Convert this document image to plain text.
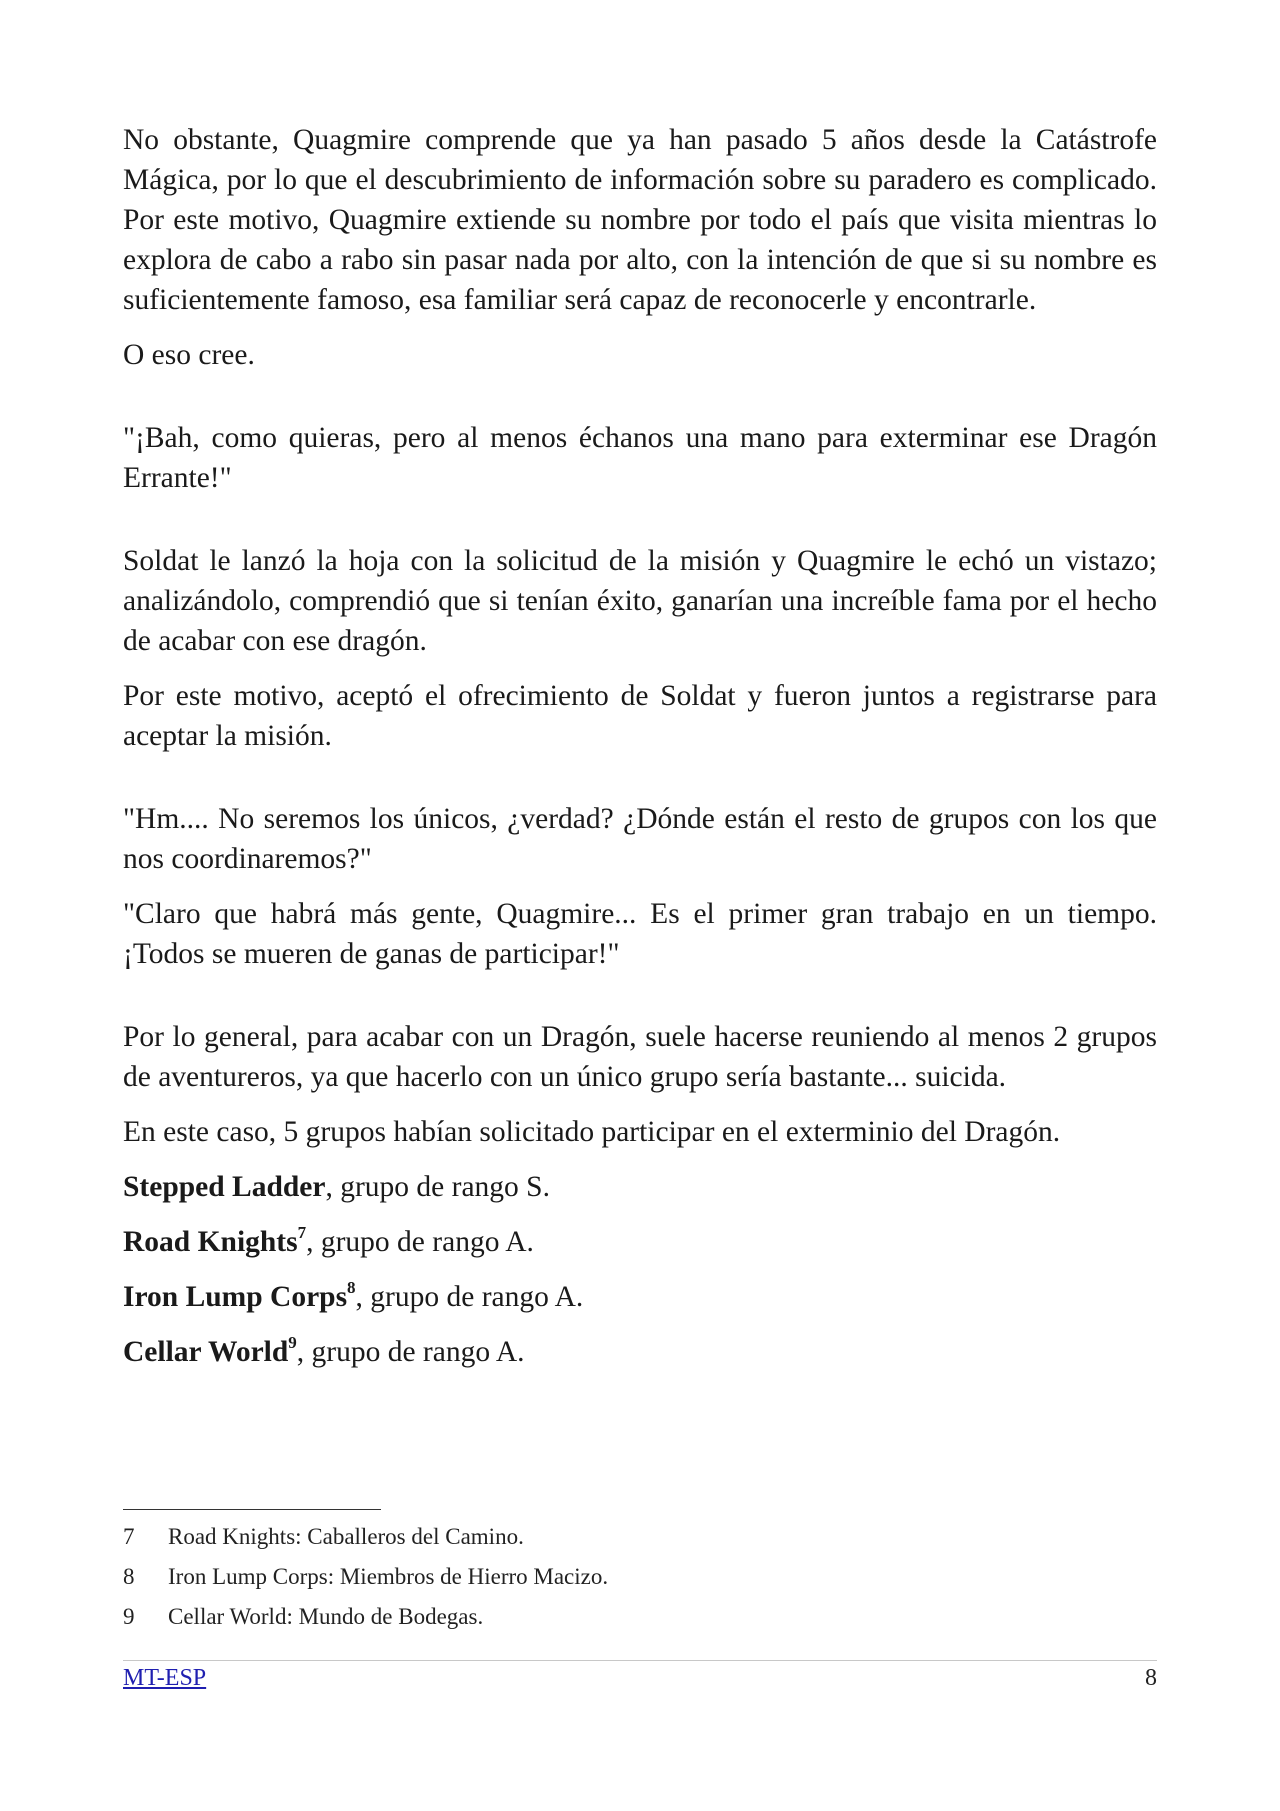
No obstante, Quagmire comprende que ya han pasado 5 años desde la Catástrofe Mágica, por lo que el descubrimiento de información sobre su paradero es complicado. Por este motivo, Quagmire extiende su nombre por todo el país que visita mientras lo explora de cabo a rabo sin pasar nada por alto, con la intención de que si su nombre es suficientemente famoso, esa familiar será capaz de reconocerle y encontrarle.

O eso cree.

"¡Bah, como quieras, pero al menos échanos una mano para exterminar ese Dragón Errante!"

Soldat le lanzó la hoja con la solicitud de la misión y Quagmire le echó un vistazo; analizándolo, comprendió que si tenían éxito, ganarían una increíble fama por el hecho de acabar con ese dragón.

Por este motivo, aceptó el ofrecimiento de Soldat y fueron juntos a registrarse para aceptar la misión.

"Hm.... No seremos los únicos, ¿verdad? ¿Dónde están el resto de grupos con los que nos coordinaremos?"

"Claro que habrá más gente, Quagmire... Es el primer gran trabajo en un tiempo. ¡Todos se mueren de ganas de participar!"

Por lo general, para acabar con un Dragón, suele hacerse reuniendo al menos 2 grupos de aventureros, ya que hacerlo con un único grupo sería bastante... suicida.

En este caso, 5 grupos habían solicitado participar en el exterminio del Dragón.

Stepped Ladder, grupo de rango S.

Road Knights$^7$, grupo de rango A.

Iron Lump Corps$^8$, grupo de rango A.

Cellar World$^9$, grupo de rango A.

7	Road Knights: Caballeros del Camino.
8	Iron Lump Corps: Miembros de Hierro Macizo.
9	Cellar World: Mundo de Bodegas.
MT-ESP	8
